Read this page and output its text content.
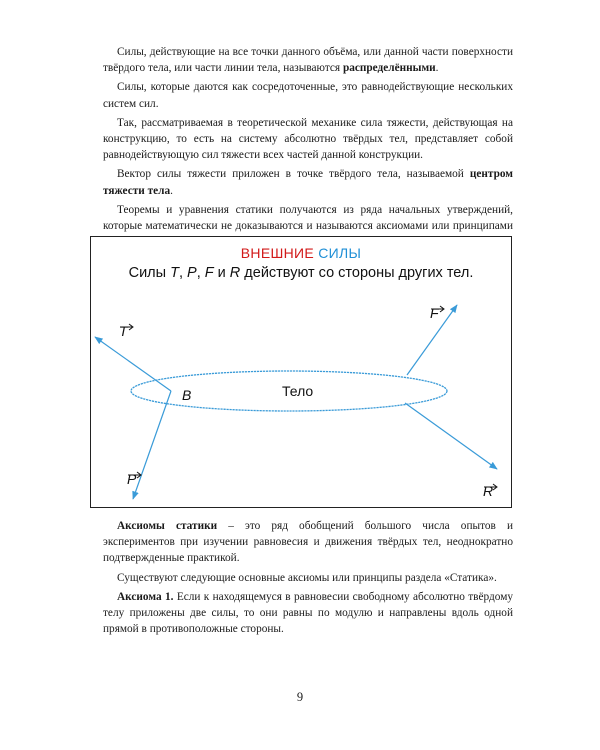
Силы, действующие на все точки данного объёма, или данной части поверхности твёрдого тела, или части линии тела, называются распределёнными.

Силы, которые даются как сосредоточенные, это равнодействующие нескольких систем сил.

Так, рассматриваемая в теоретической механике сила тяжести, действующая на конструкцию, то есть на систему абсолютно твёрдых тел, представляет собой равнодействующую сил тяжести всех частей данной конструкции.

Вектор силы тяжести приложен в точке твёрдого тела, называемой центром тяжести тела.

Теоремы и уравнения статики получаются из ряда начальных утверждений, которые математически не доказываются и называются аксиомами или принципами

ВНЕШНИЕ СИЛЫ
Силы T, P, F и R действуют со стороны других тел.
Тело
B
T
F
P
R

Аксиомы статики – это ряд обобщений большого числа опытов и экспериментов при изучении равновесия и движения твёрдых тел, неоднократно подтвержденные практикой.

Существуют следующие основные аксиомы или принципы раздела «Статика».

Аксиома 1. Если к находящемуся в равновесии свободному абсолютно твёрдому телу приложены две силы, то они равны по модулю и направлены вдоль одной прямой в противоположные стороны.

9
